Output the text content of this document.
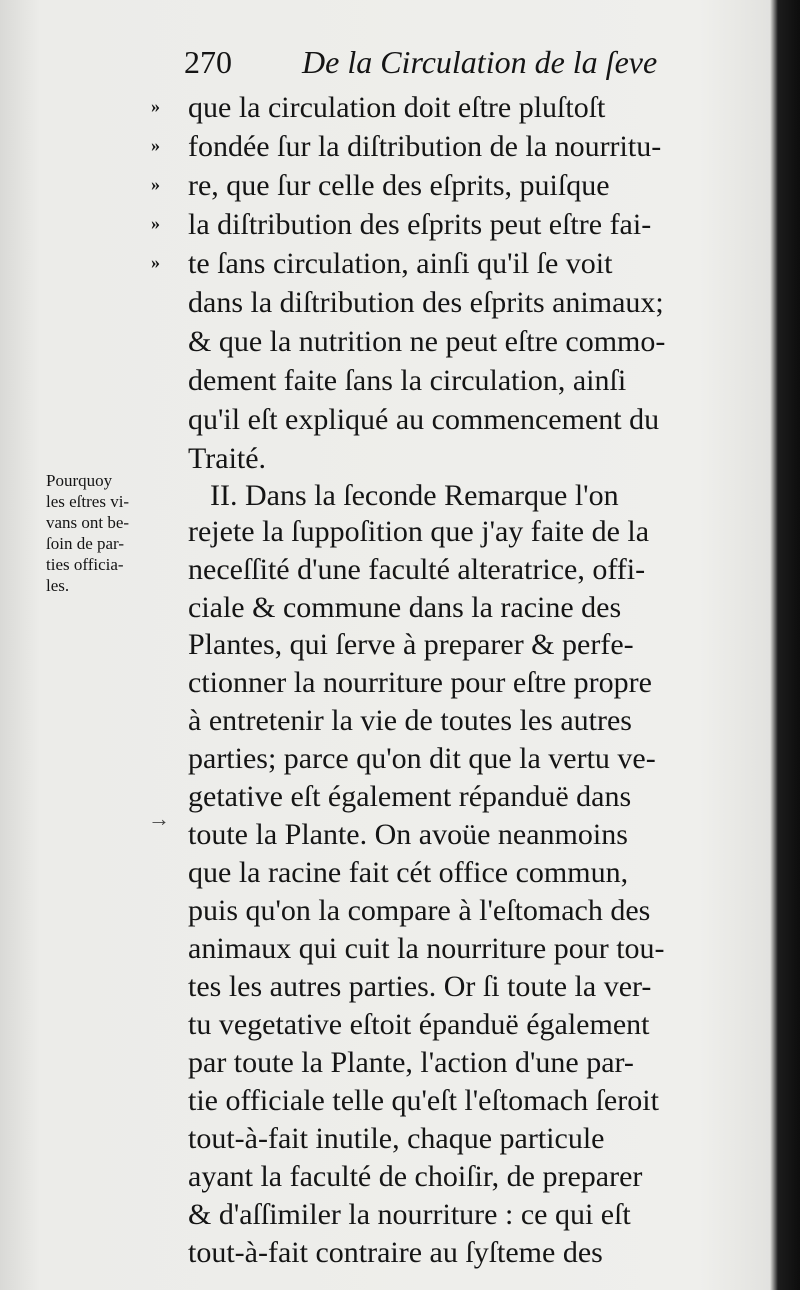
270 De la Circulation de la ſeve
»
»
»
»
»
Pourquoy
les eſtres vi-
vans ont be-
ſoin de par-
ties officia-
les.
→
que la circulation doit eſtre pluſtoſt
fondée ſur la diſtribution de la nourritu-
re, que ſur celle des eſprits, puiſque
la diſtribution des eſprits peut eſtre fai-
te ſans circulation, ainſi qu'il ſe voit
dans la diſtribution des eſprits animaux;
& que la nutrition ne peut eſtre commo-
dement faite ſans la circulation, ainſi
qu'il eſt expliqué au commencement du
Traité.
II. Dans la ſeconde Remarque l'on
rejete la ſuppoſition que j'ay faite de la
neceſſité d'une faculté alteratrice, offi-
ciale & commune dans la racine des
Plantes, qui ſerve à preparer & perfe-
ctionner la nourriture pour eſtre propre
à entretenir la vie de toutes les autres
parties; parce qu'on dit que la vertu ve-
getative eſt également répanduë dans
toute la Plante. On avoüe neanmoins
que la racine fait cét office commun,
puis qu'on la compare à l'eſtomach des
animaux qui cuit la nourriture pour tou-
tes les autres parties. Or ſi toute la ver-
tu vegetative eſtoit épanduë également
par toute la Plante, l'action d'une par-
tie officiale telle qu'eſt l'eſtomach ſeroit
tout-à-fait inutile, chaque particule
ayant la faculté de choiſir, de preparer
& d'aſſimiler la nourriture : ce qui eſt
tout-à-fait contraire au ſyſteme des
